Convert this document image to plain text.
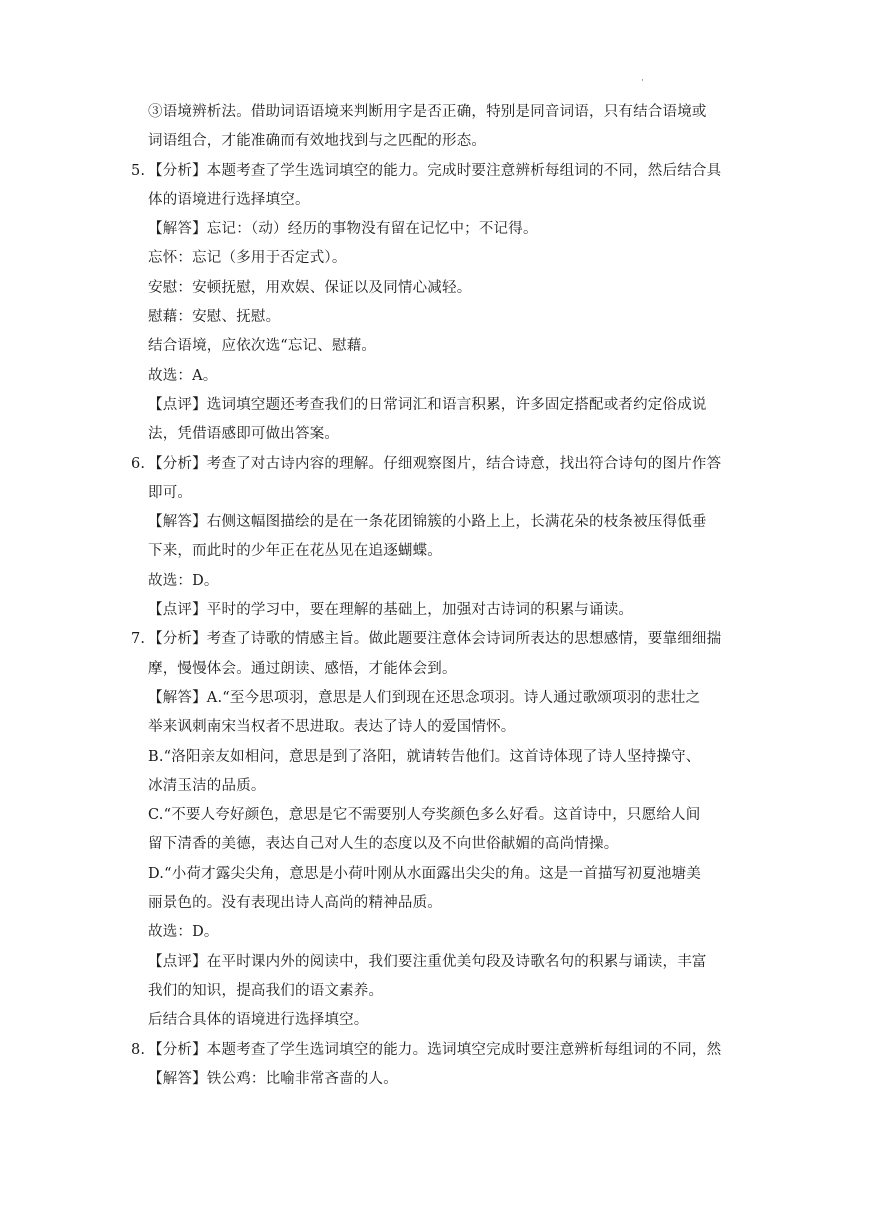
·
③语境辨析法。借助词语语境来判断用字是否正确，特别是同音词语，只有结合语境或
词语组合，才能准确而有效地找到与之匹配的形态。
5. 【分析】本题考查了学生选词填空的能力。完成时要注意辨析每组词的不同，然后结合具
体的语境进行选择填空。
【解答】忘记：（动）经历的事物没有留在记忆中；不记得。
忘怀：忘记（多用于否定式）。
安慰：安顿抚慰，用欢娱、保证以及同情心减轻。
慰藉：安慰、抚慰。
结合语境，应依次选“忘记、慰藉。
故选：A。
【点评】选词填空题还考查我们的日常词汇和语言积累，许多固定搭配或者约定俗成说
法，凭借语感即可做出答案。
6. 【分析】考查了对古诗内容的理解。仔细观察图片，结合诗意，找出符合诗句的图片作答
即可。
【解答】右侧这幅图描绘的是在一条花团锦簇的小路上上，长满花朵的枝条被压得低垂
下来，而此时的少年正在花丛见在追逐蝴蝶。
故选：D。
【点评】平时的学习中，要在理解的基础上，加强对古诗词的积累与诵读。
7. 【分析】考查了诗歌的情感主旨。做此题要注意体会诗词所表达的思想感情，要靠细细揣
摩，慢慢体会。通过朗读、感悟，才能体会到。
【解答】A.“至今思项羽，意思是人们到现在还思念项羽。诗人通过歌颂项羽的悲壮之
举来讽刺南宋当权者不思进取。表达了诗人的爱国情怀。
B.“洛阳亲友如相问，意思是到了洛阳，就请转告他们。这首诗体现了诗人坚持操守、
冰清玉洁的品质。
C.“不要人夸好颜色，意思是它不需要别人夸奖颜色多么好看。这首诗中，只愿给人间
留下清香的美德，表达自己对人生的态度以及不向世俗献媚的高尚情操。
D.“小荷才露尖尖角，意思是小荷叶刚从水面露出尖尖的角。这是一首描写初夏池塘美
丽景色的。没有表现出诗人高尚的精神品质。
故选：D。
【点评】在平时课内外的阅读中，我们要注重优美句段及诗歌名句的积累与诵读，丰富
我们的知识，提高我们的语文素养。
后结合具体的语境进行选择填空。
8. 【分析】本题考查了学生选词填空的能力。选词填空完成时要注意辨析每组词的不同，然
【解答】铁公鸡：比喻非常吝啬的人。
